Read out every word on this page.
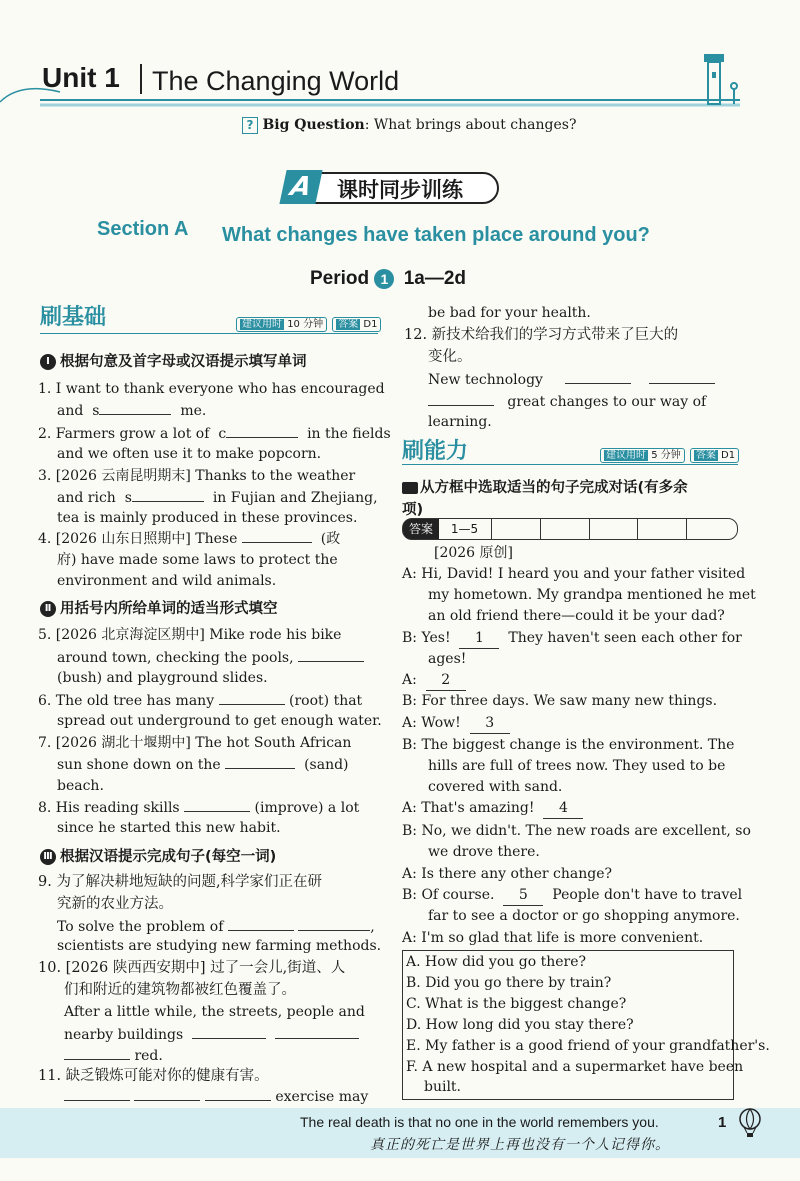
Unit 1 The Changing World
? Big Question: What brings about changes?
A	课时同步训练
Section A What changes have taken place around you?
Period 1 1a—2d
刷基础	建议用时 10 分钟 答案 D1
Ⅰ 根据句意及首字母或汉语提示填写单词
1. I want to thank everyone who has encouraged
and s	me.
2. Farmers grow a lot of c	in the fields
and we often use it to make popcorn.
3. [2026 云南昆明期末] Thanks to the weather
and rich s	in Fujian and Zhejiang,
tea is mainly produced in these provinces.
4. [2026 山东日照期中] These	(政
府) have made some laws to protect the
environment and wild animals.
Ⅱ 用括号内所给单词的适当形式填空
5. [2026 北京海淀区期中] Mike rode his bike
around town, checking the pools,
(bush) and playground slides.
6. The old tree has many	(root) that
spread out underground to get enough water.
7. [2026 湖北十堰期中] The hot South African
sun shone down on the	(sand)
beach.
8. His reading skills	(improve) a lot
since he started this new habit.
Ⅲ 根据汉语提示完成句子(每空一词)
9. 为了解决耕地短缺的问题,科学家们正在研
究新的农业方法。
To solve the problem of	,
scientists are studying new farming methods.
10. [2026 陕西西安期中] 过了一会儿,街道、人
们和附近的建筑物都被红色覆盖了。
After a little while, the streets, people and
nearby buildings
red.
11. 缺乏锻炼可能对你的健康有害。
exercise may
be bad for your health.
12. 新技术给我们的学习方式带来了巨大的
变化。
New technology
great changes to our way of
learning.
刷能力	建议用时 5 分钟 答案 D1
从方框中选取适当的句子完成对话(有多余
项)
答案 1—5
[2026 原创]
A: Hi, David! I heard you and your father visited
my hometown. My grandpa mentioned he met
an old friend there—could it be your dad?
B: Yes! 1 They haven't seen each other for
ages!
A: 2
B: For three days. We saw many new things.
A: Wow! 3
B: The biggest change is the environment. The
hills are full of trees now. They used to be
covered with sand.
A: That's amazing! 4
B: No, we didn't. The new roads are excellent, so
we drove there.
A: Is there any other change?
B: Of course. 5 People don't have to travel
far to see a doctor or go shopping anymore.
A: I'm so glad that life is more convenient.
A. How did you go there?
B. Did you go there by train?
C. What is the biggest change?
D. How long did you stay there?
E. My father is a good friend of your grandfather's.
F. A new hospital and a supermarket have been
built.
The real death is that no one in the world remembers you.
真正的死亡是世界上再也没有一个人记得你。
1
